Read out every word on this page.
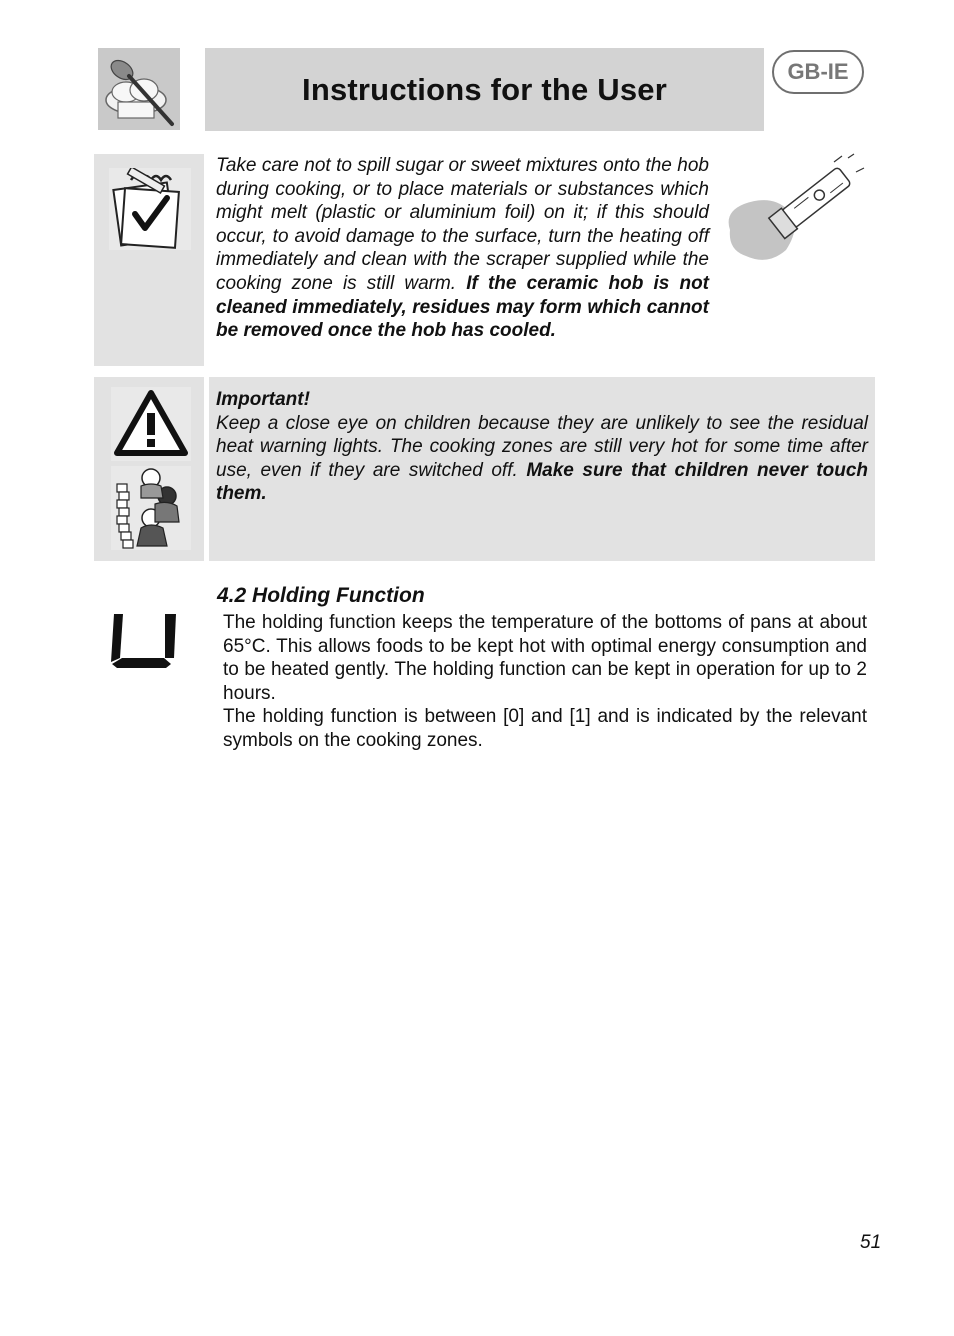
Instructions for the User	GB-IE
Take care not to spill sugar or sweet mixtures onto the hob during cooking, or to place materials or substances which might melt (plastic or aluminium foil) on it; if this should occur, to avoid damage to the surface, turn the heating off immediately and clean with the scraper supplied while the cooking zone is still warm. If the ceramic hob is not cleaned immediately, residues may form which cannot be removed once the hob has cooled.

Important!

Keep a close eye on children because they are unlikely to see the residual heat warning lights. The cooking zones are still very hot for some time after use, even if they are switched off. Make sure that children never touch them.

4.2 Holding Function

The holding function keeps the temperature of the bottoms of pans at about 65°C. This allows foods to be kept hot with optimal energy consumption and to be heated gently. The holding function can be kept in operation for up to 2 hours.

The holding function is between [0] and [1] and is indicated by the relevant symbols on the cooking zones.

51
